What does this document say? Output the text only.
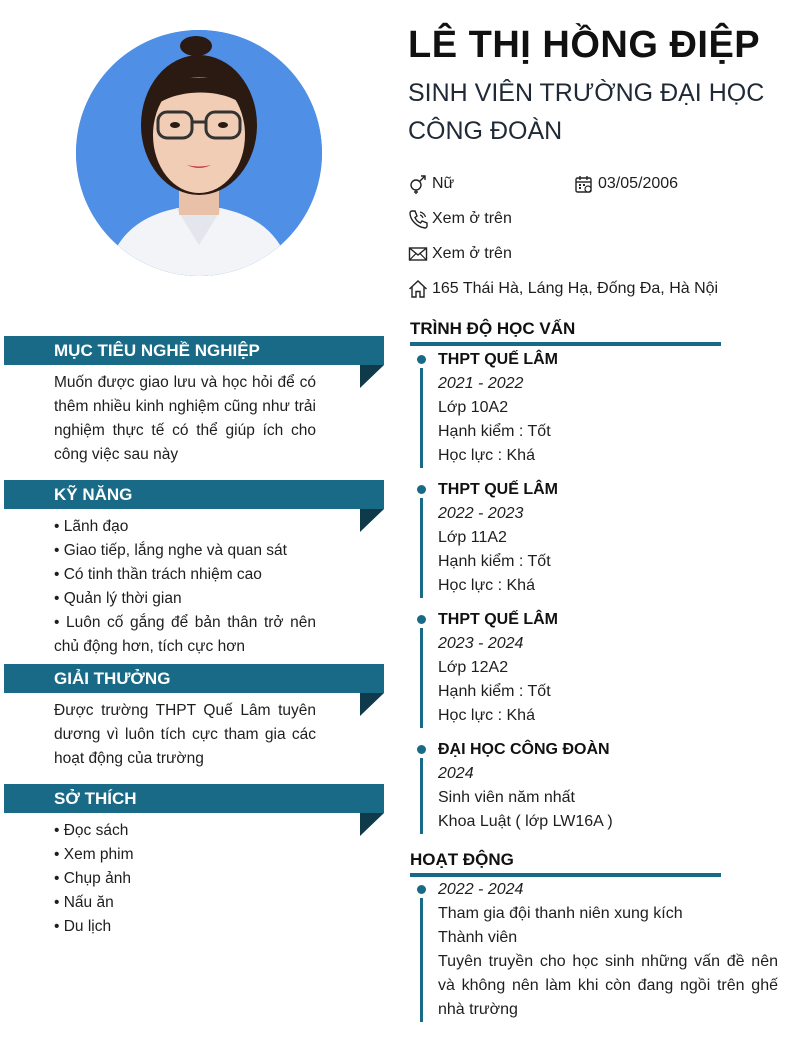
LÊ THỊ HỒNG ĐIỆP
SINH VIÊN TRƯỜNG ĐẠI HỌC CÔNG ĐOÀN
Nữ	03/05/2006
Xem ở trên
Xem ở trên
165 Thái Hà, Láng Hạ, Đống Đa, Hà Nội
MỤC TIÊU NGHỀ NGHIỆP
Muốn được giao lưu và học hỏi để có thêm nhiều kinh nghiệm cũng như trải nghiệm thực tế có thể giúp ích cho công việc sau này
KỸ NĂNG
• Lãnh đạo
• Giao tiếp, lắng nghe và quan sát
• Có tinh thần trách nhiệm cao
• Quản lý thời gian
• Luôn cố gắng để bản thân trở nên chủ động hơn, tích cực hơn
GIẢI THƯỞNG
Được trường THPT Quế Lâm tuyên dương vì luôn tích cực tham gia các hoạt động của trường
SỞ THÍCH
• Đọc sách
• Xem phim
• Chụp ảnh
• Nấu ăn
• Du lịch
TRÌNH ĐỘ HỌC VẤN
THPT QUẾ LÂM
2021 - 2022
Lớp 10A2
Hạnh kiểm : Tốt
Học lực : Khá
THPT QUẾ LÂM
2022 - 2023
Lớp 11A2
Hạnh kiểm : Tốt
Học lực : Khá
THPT QUẾ LÂM
2023 - 2024
Lớp 12A2
Hạnh kiểm : Tốt
Học lực : Khá
ĐẠI HỌC CÔNG ĐOÀN
2024
Sinh viên năm nhất
Khoa Luật ( lớp LW16A )
HOẠT ĐỘNG
2022 - 2024
Tham gia đội thanh niên xung kích
Thành viên
Tuyên truyền cho học sinh những vấn đề nên và không nên làm khi còn đang ngồi trên ghế nhà trường
